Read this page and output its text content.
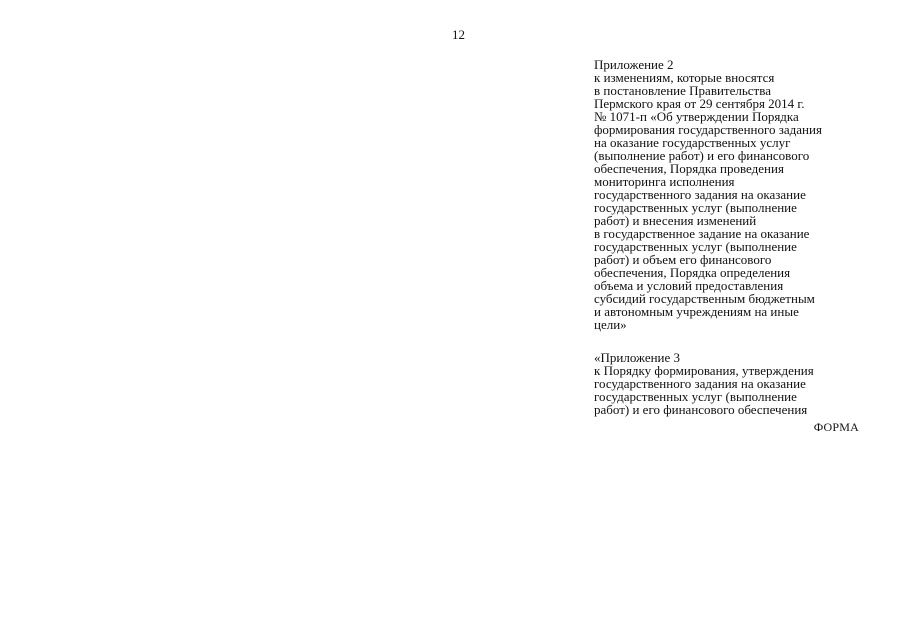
12
Приложение 2
к изменениям, которые вносятся
в постановление Правительства
Пермского края от 29 сентября 2014 г.
№ 1071-п «Об утверждении Порядка
формирования государственного задания
на оказание государственных услуг
(выполнение работ) и его финансового
обеспечения, Порядка проведения
мониторинга исполнения
государственного задания на оказание
государственных услуг (выполнение
работ) и внесения изменений
в государственное задание на оказание
государственных услуг (выполнение
работ) и объем его финансового
обеспечения, Порядка определения
объема и условий предоставления
субсидий государственным бюджетным
и автономным учреждениям на иные
цели»
«Приложение 3
к Порядку формирования, утверждения
государственного задания на оказание
государственных услуг (выполнение
работ) и его финансового обеспечения
ФОРМА
